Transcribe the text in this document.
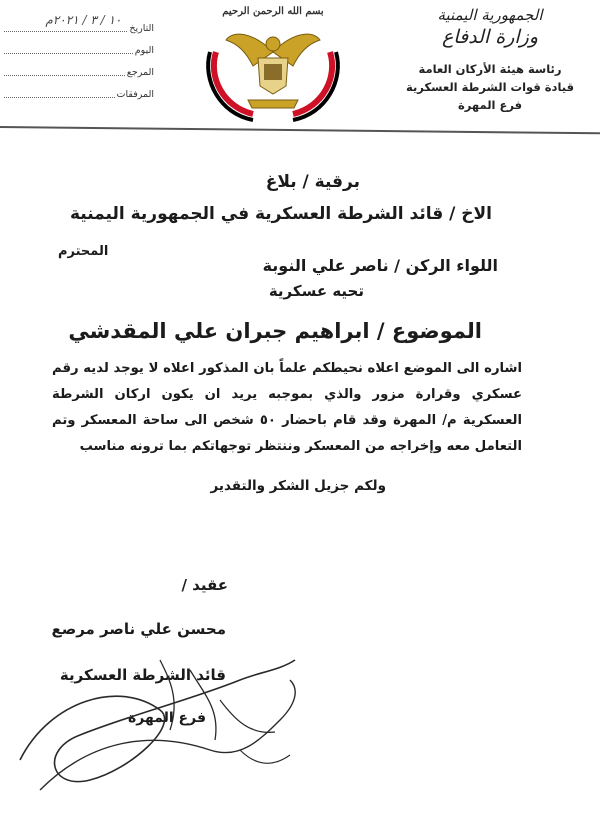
الجمهورية اليمنية
وزارة الدفاع
رئاسة هيئة الأركان العامة
قيادة قوات الشرطة العسكرية
فرع المهرة
بسم الله الرحمن الرحيم
التاريخ
١٠ / ٣ / ٢٠٢١م
اليوم
المرجع
المرفقات
برقية / بلاغ
الاخ / قائد الشرطة العسكرية في الجمهورية اليمنية
المحترم
اللواء الركن / ناصر علي النوبة
تحيه عسكرية
الموضوع / ابراهيم جبران علي المقدشي
اشاره الى الموضع اعلاه نحيطكم علماً بان المذكور اعلاه لا يوجد لديه رقم عسكري وقرارة مزور والذي بموجبه يريد ان يكون اركان الشرطة العسكرية م/ المهرة وقد قام باحضار ٥٠ شخص الى ساحة المعسكر وتم التعامل معه وإخراجه من المعسكر وننتظر توجهاتكم بما ترونه مناسب
ولكم جزيل الشكر والتقدير
عقيد /
محسن علي ناصر مرصع
قائد الشرطة العسكرية
فرع المهرة
